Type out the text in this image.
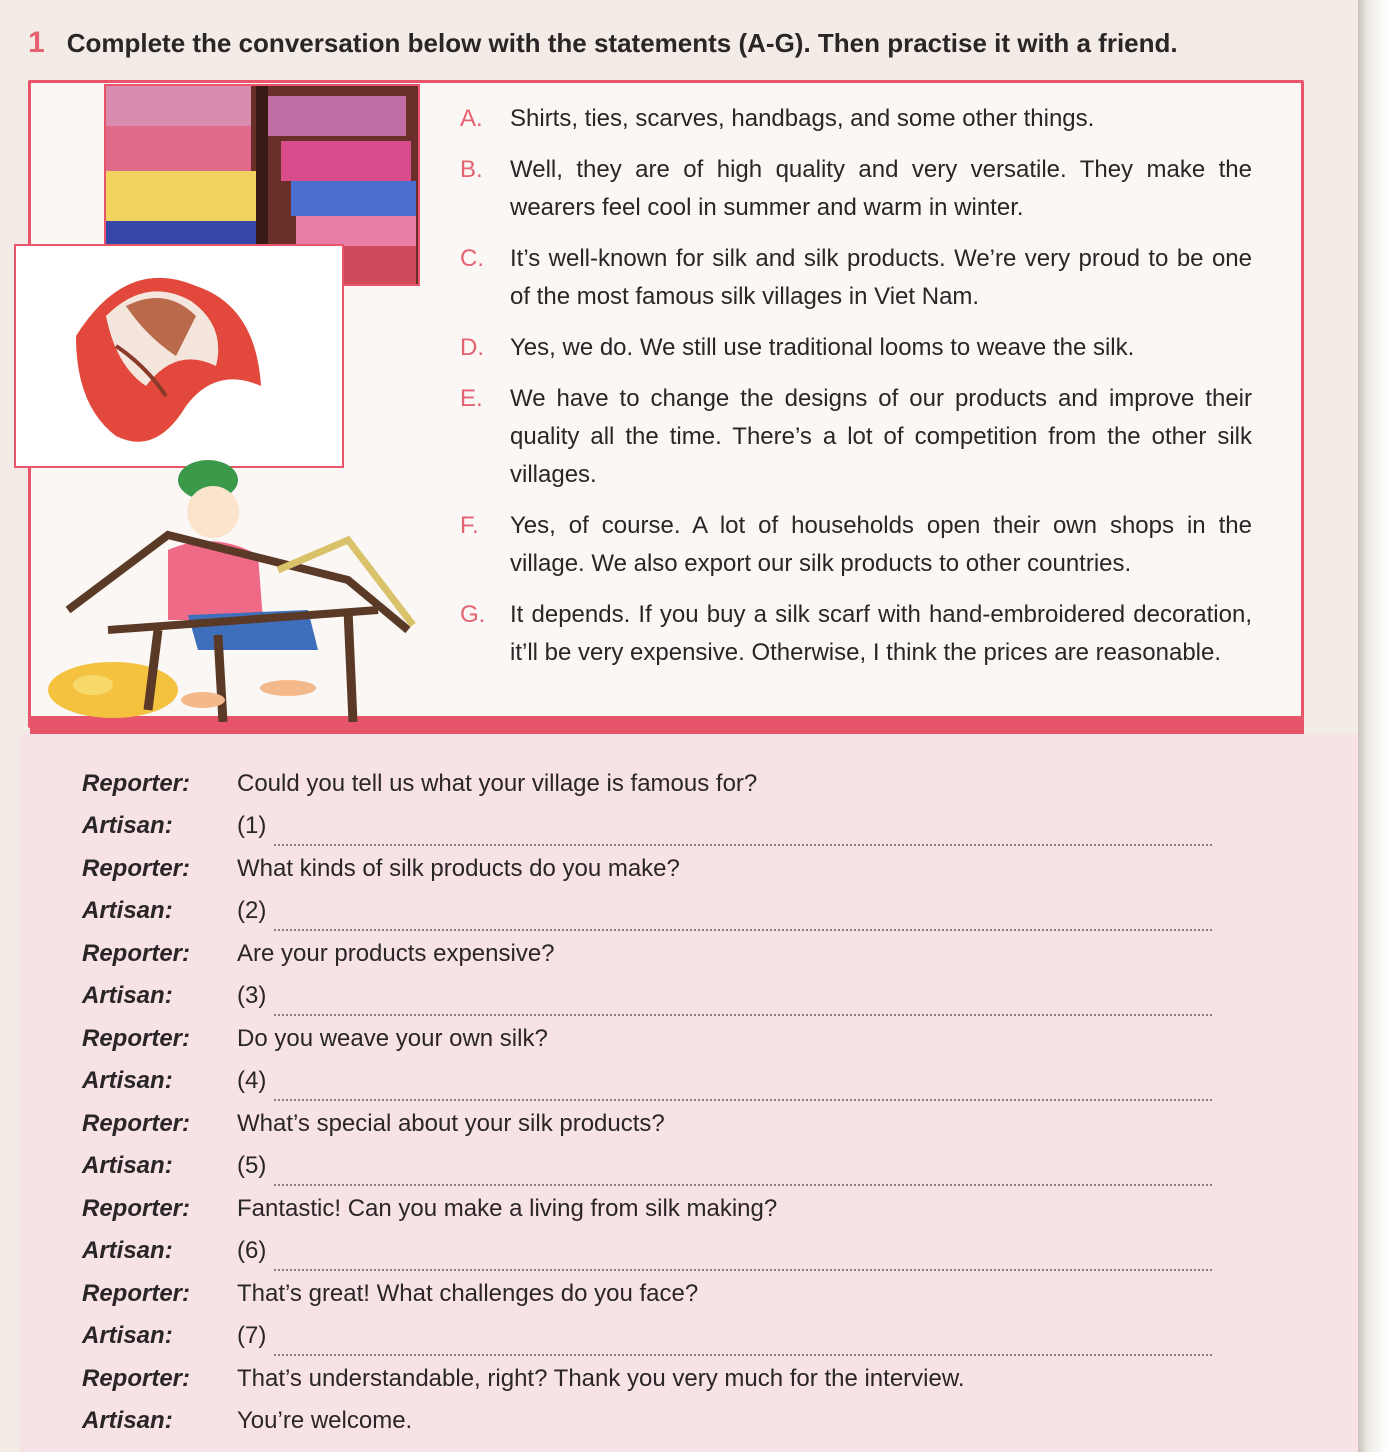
1 Complete the conversation below with the statements (A-G). Then practise it with a friend.
A.	Shirts, ties, scarves, handbags, and some other things.
B.	Well, they are of high quality and very versatile. They make the wearers feel cool in summer and warm in winter.
C.	It’s well-known for silk and silk products. We’re very proud to be one of the most famous silk villages in Viet Nam.
D.	Yes, we do. We still use traditional looms to weave the silk.
E.	We have to change the designs of our products and improve their quality all the time. There’s a lot of competition from the other silk villages.
F.	Yes, of course. A lot of households open their own shops in the village. We also export our silk products to other countries.
G.	It depends. If you buy a silk scarf with hand-embroidered decoration, it’ll be very expensive. Otherwise, I think the prices are reasonable.
Reporter:	Could you tell us what your village is famous for?
Artisan:	(1)
Reporter:	What kinds of silk products do you make?
Artisan:	(2)
Reporter:	Are your products expensive?
Artisan:	(3)
Reporter:	Do you weave your own silk?
Artisan:	(4)
Reporter:	What’s special about your silk products?
Artisan:	(5)
Reporter:	Fantastic! Can you make a living from silk making?
Artisan:	(6)
Reporter:	That’s great! What challenges do you face?
Artisan:	(7)
Reporter:	That’s understandable, right? Thank you very much for the interview.
Artisan:	You’re welcome.
